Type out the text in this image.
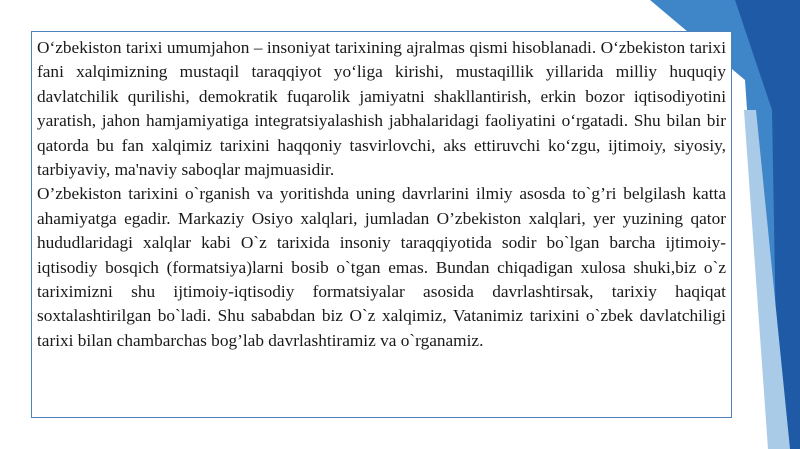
O‘zbekiston tarixi umumjahon – insoniyat tarixining ajralmas qismi hisoblanadi. O‘zbekiston tarixi fani xalqimizning mustaqil taraqqiyot yo‘liga kirishi, mustaqillik yillarida milliy huquqiy davlatchilik qurilishi, demokratik fuqarolik jamiyatni shakllantirish, erkin bozor iqtisodiyotini yaratish, jahon hamjamiyatiga integratsiyalashish jabhalaridagi faoliyatini o‘rgatadi. Shu bilan bir qatorda bu fan xalqimiz tarixini haqqoniy tasvirlovchi, aks ettiruvchi ko‘zgu, ijtimoiy, siyosiy, tarbiyaviy, ma'naviy saboqlar majmuasidir.

O’zbekiston tarixini o`rganish va yoritishda uning davrlarini ilmiy asosda to`g’ri belgilash katta ahamiyatga egadir. Markaziy Osiyo xalqlari, jumladan O’zbekiston xalqlari, yer yuzining qator hududlaridagi xalqlar kabi O`z tarixida insoniy taraqqiyotida sodir bo`lgan barcha ijtimoiy-iqtisodiy bosqich (formatsiya)larni bosib o`tgan emas. Bundan chiqadigan xulosa shuki,biz o`z tariximizni shu ijtimoiy-iqtisodiy formatsiyalar asosida davrlashtirsak, tarixiy haqiqat soxtalashtirilgan bo`ladi. Shu sababdan biz O`z xalqimiz, Vatanimiz tarixini o`zbek davlatchiligi tarixi bilan chambarchas bog’lab davrlashtiramiz va o`rganamiz.
